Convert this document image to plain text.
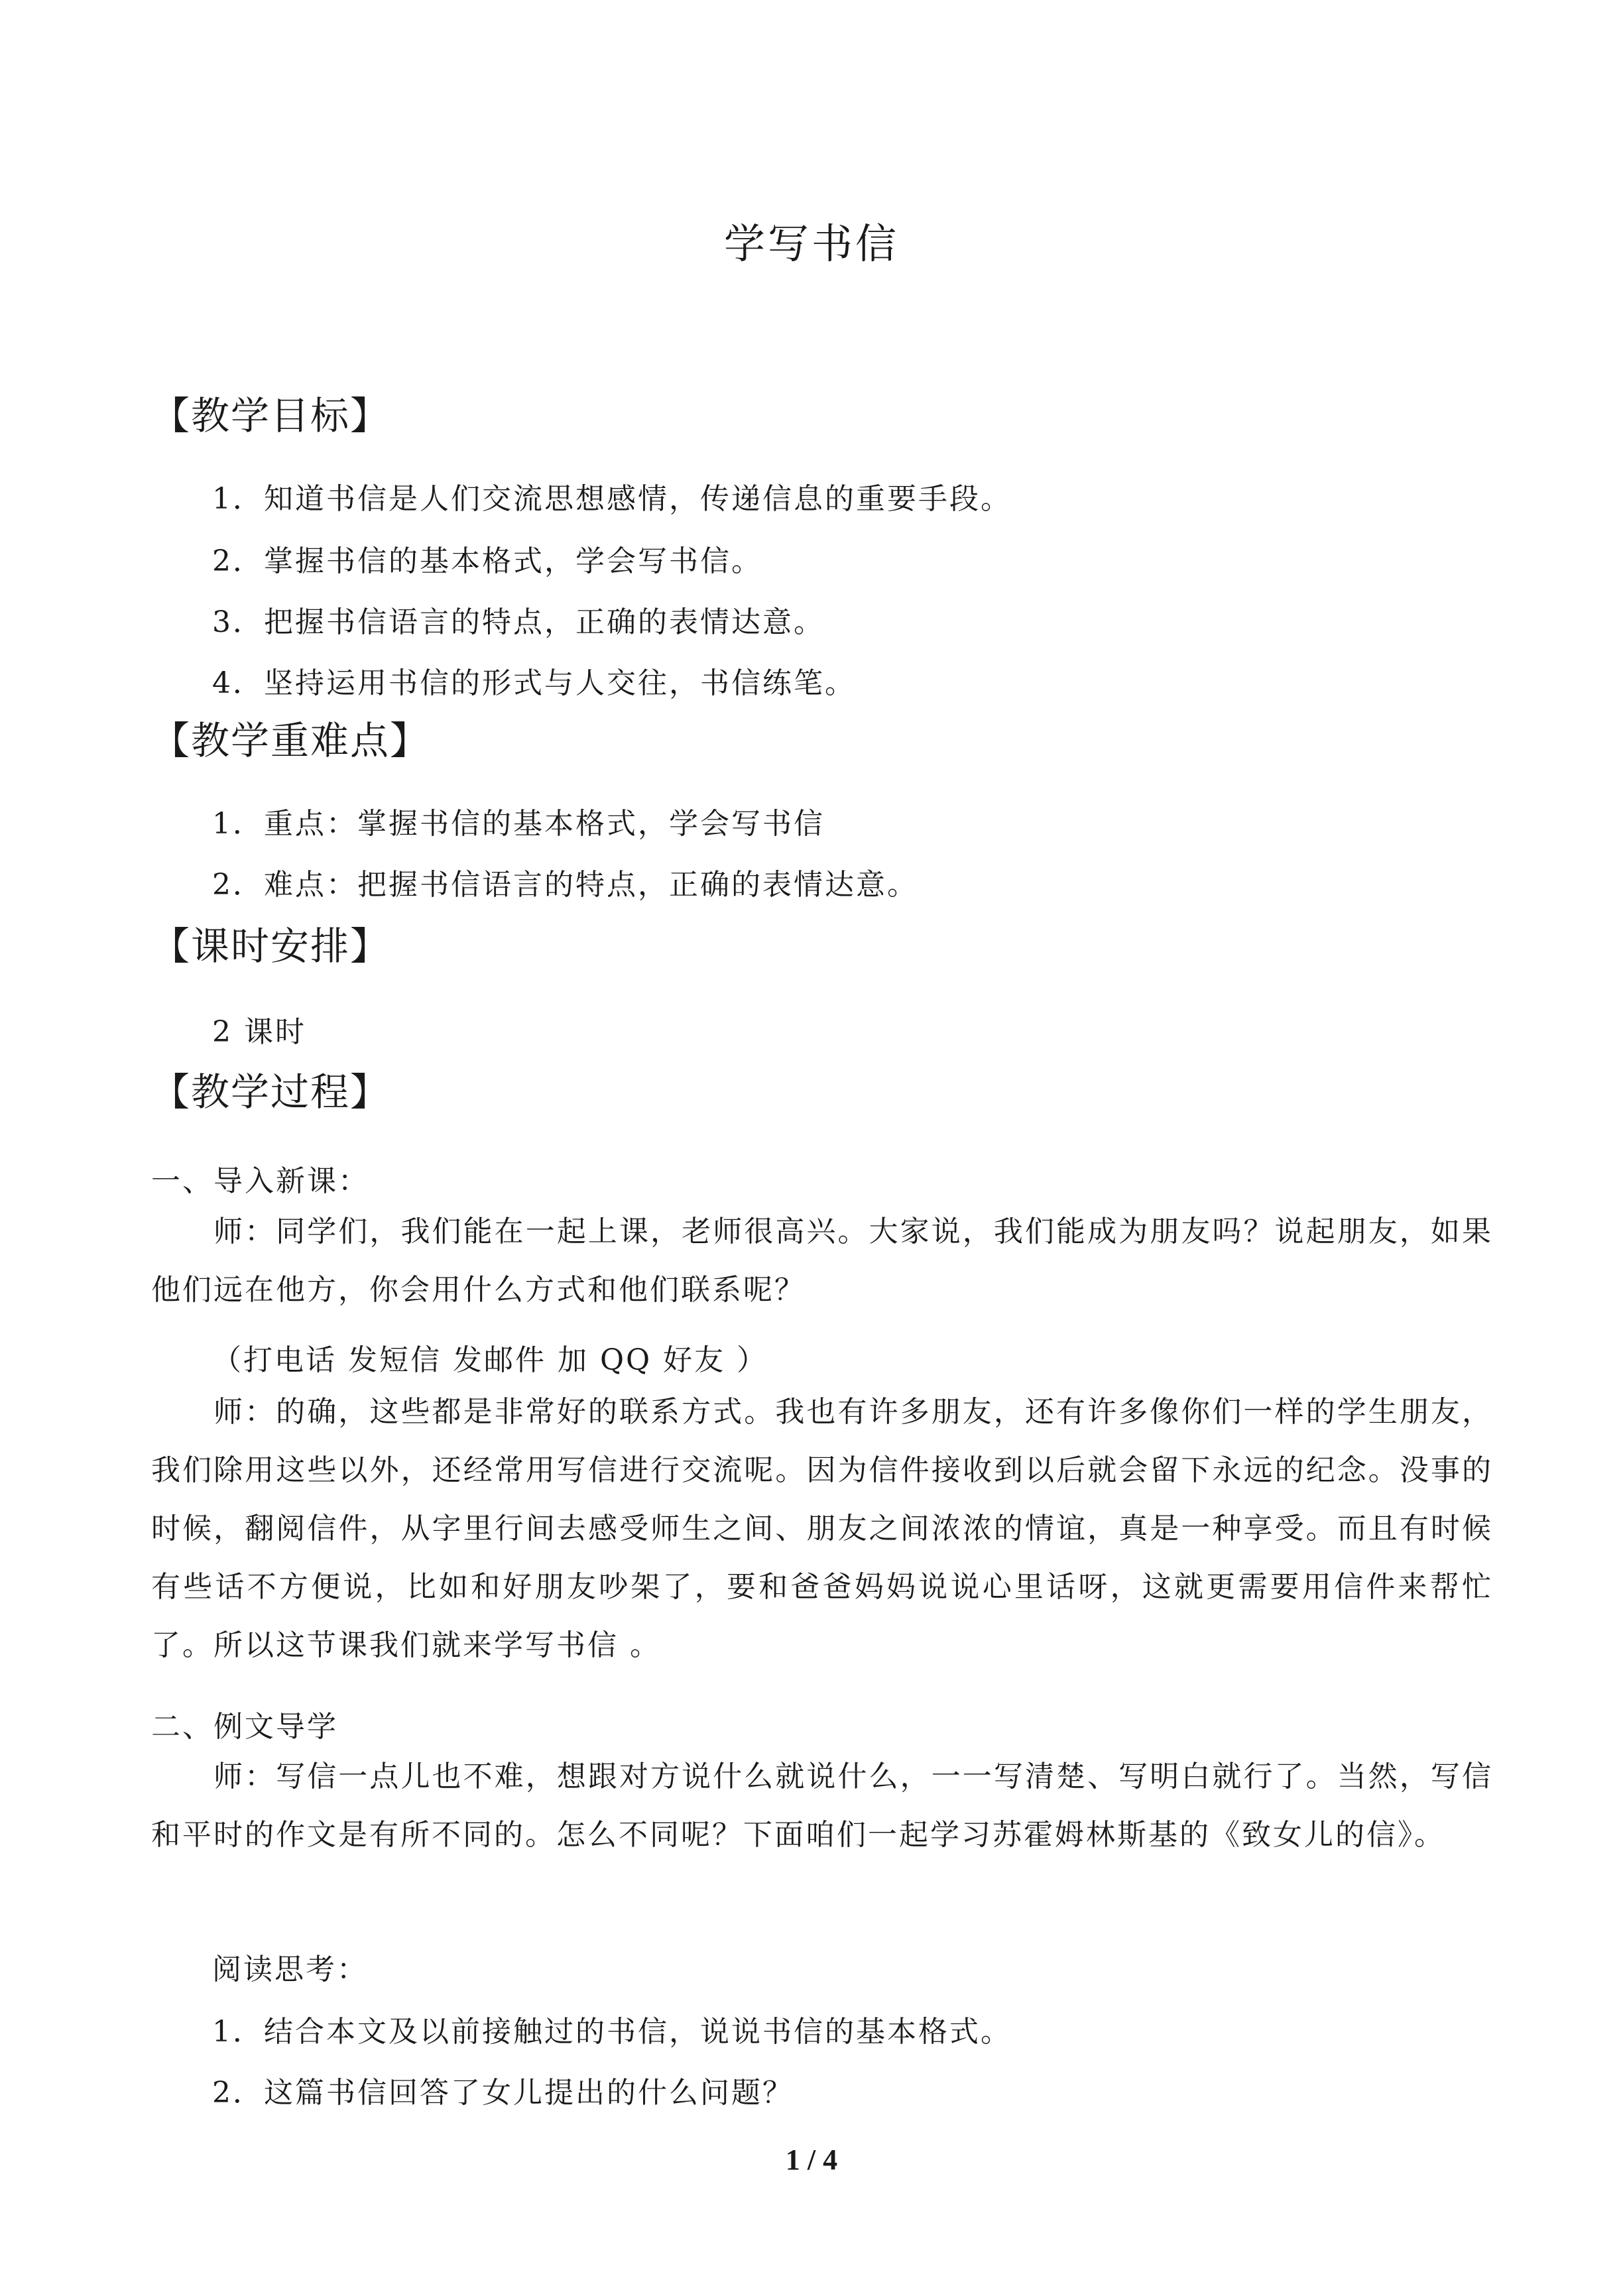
学写书信
【教学目标】
1．知道书信是人们交流思想感情，传递信息的重要手段。
2．掌握书信的基本格式，学会写书信。
3．把握书信语言的特点，正确的表情达意。
4．坚持运用书信的形式与人交往，书信练笔。
【教学重难点】
1．重点：掌握书信的基本格式，学会写书信
2．难点：把握书信语言的特点，正确的表情达意。
【课时安排】
2 课时
【教学过程】
一、导入新课：
师：同学们，我们能在一起上课，老师很高兴。大家说，我们能成为朋友吗？说起朋友，如果他们远在他方，你会用什么方式和他们联系呢？
（打电话 发短信 发邮件 加 QQ 好友 ）
师：的确，这些都是非常好的联系方式。我也有许多朋友，还有许多像你们一样的学生朋友，我们除用这些以外，还经常用写信进行交流呢。因为信件接收到以后就会留下永远的纪念。没事的时候，翻阅信件，从字里行间去感受师生之间、朋友之间浓浓的情谊，真是一种享受。而且有时候有些话不方便说，比如和好朋友吵架了，要和爸爸妈妈说说心里话呀，这就更需要用信件来帮忙了。所以这节课我们就来学写书信 。
二、例文导学
师：写信一点儿也不难，想跟对方说什么就说什么，一一写清楚、写明白就行了。当然，写信和平时的作文是有所不同的。怎么不同呢？下面咱们一起学习苏霍姆林斯基的《致女儿的信》。
阅读思考：
1．结合本文及以前接触过的书信，说说书信的基本格式。
2．这篇书信回答了女儿提出的什么问题？
1 / 4
